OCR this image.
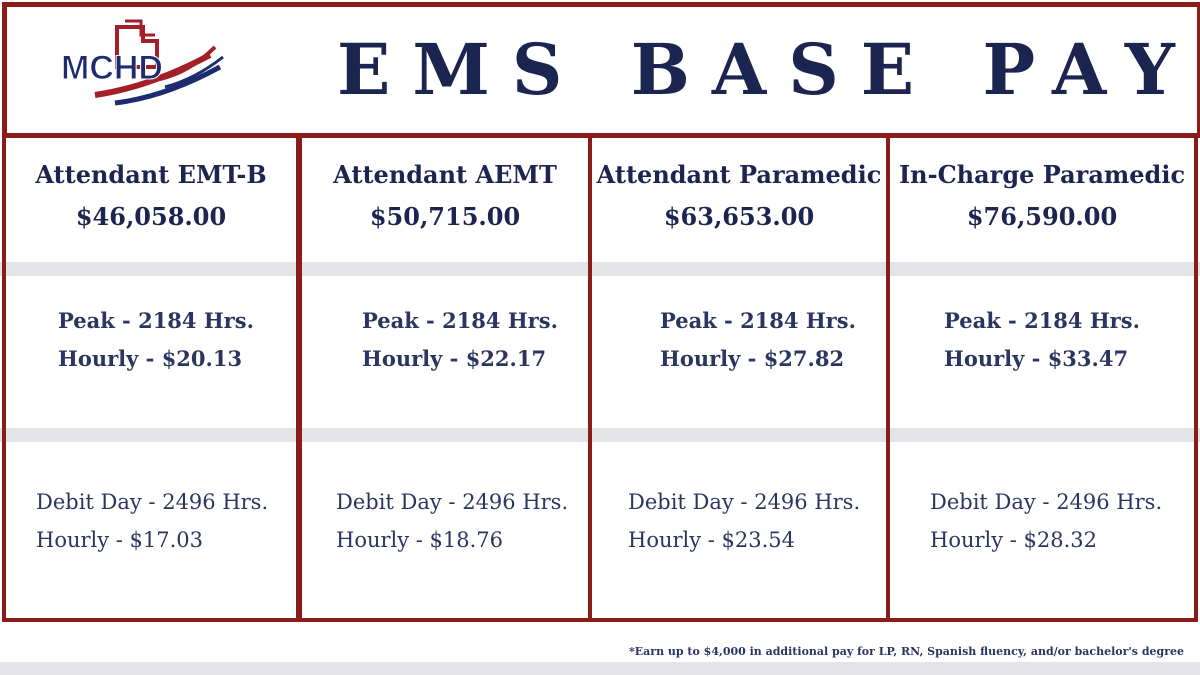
MCHD EMS BASE PAY
Attendant EMT-B
$46,058.00
Peak - 2184 Hrs.
Hourly - $20.13
Debit Day - 2496 Hrs.
Hourly - $17.03
Attendant AEMT
$50,715.00
Peak - 2184 Hrs.
Hourly - $22.17
Debit Day - 2496 Hrs.
Hourly - $18.76
Attendant Paramedic
$63,653.00
Peak - 2184 Hrs.
Hourly - $27.82
Debit Day - 2496 Hrs.
Hourly - $23.54
In-Charge Paramedic
$76,590.00
Peak - 2184 Hrs.
Hourly - $33.47
Debit Day - 2496 Hrs.
Hourly - $28.32
*Earn up to $4,000 in additional pay for LP, RN, Spanish fluency, and/or bachelor's degree
